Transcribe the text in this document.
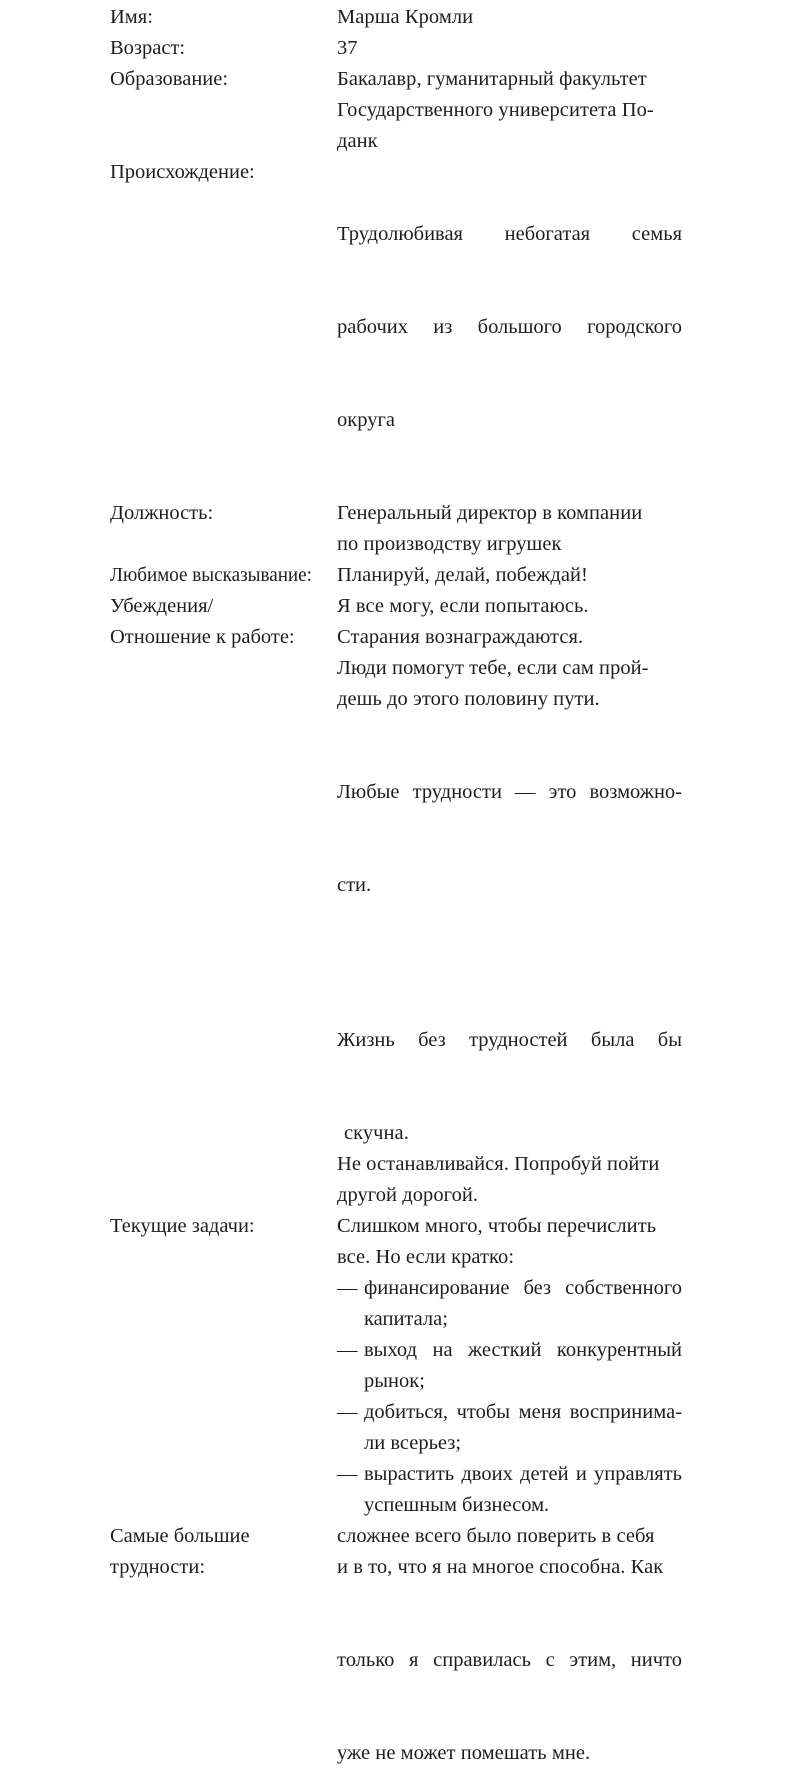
Имя:	Марша Кромли
Возраст:	37
Образование:	Бакалавр, гуманитарный факультет
Государственного университета По-
данк
Происхождение:

Трудолюбивая небогатая семья

рабочих из большого городского

округа

Должность:	Генеральный директор в компании
по производству игрушек
Любимое высказывание:	Планируй, делай, побеждай!
Убеждения/	Я все могу, если попытаюсь.
Отношение к работе:	Старания вознаграждаются.
Люди помогут тебе, если сам прой-
дешь до этого половину пути.

Любые трудности — это возможно-

сти.

Жизнь без трудностей была бы

скучна.
Не останавливайся. Попробуй пойти
другой дорогой.
Текущие задачи:	Слишком много, чтобы перечислить
все. Но если кратко:
— финансирование без собственного
капитала;
— выход на жесткий конкурентный
рынок;
— добиться, чтобы меня воспринима-
ли всерьез;
— вырастить двоих детей и управлять
успешным бизнесом.
Самые большие
трудности:
сложнее всего было поверить в себя
и в то, что я на многое способна. Как

только я справилась с этим, ничто

уже не может помешать мне.
